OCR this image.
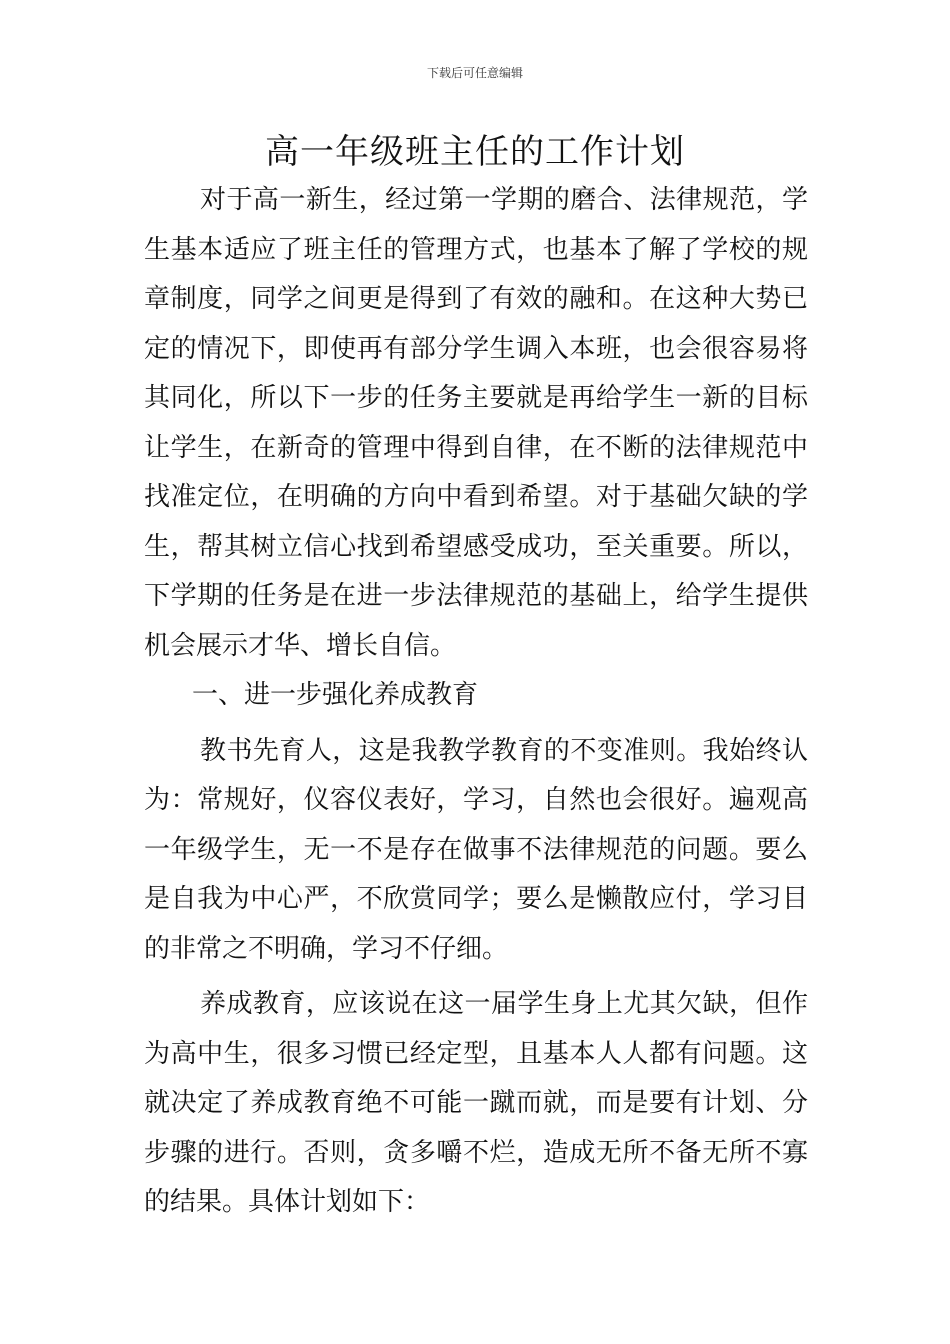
下载后可任意编辑
高一年级班主任的工作计划

对于高一新生，经过第一学期的磨合、法律规范，学生基本适应了班主任的管理方式，也基本了解了学校的规章制度，同学之间更是得到了有效的融和。在这种大势已定的情况下，即使再有部分学生调入本班，也会很容易将其同化，所以下一步的任务主要就是再给学生一新的目标让学生，在新奇的管理中得到自律，在不断的法律规范中找准定位，在明确的方向中看到希望。对于基础欠缺的学生，帮其树立信心找到希望感受成功，至关重要。所以，下学期的任务是在进一步法律规范的基础上，给学生提供机会展示才华、增长自信。

一、进一步强化养成教育

教书先育人，这是我教学教育的不变准则。我始终认为：常规好，仪容仪表好，学习，自然也会很好。遍观高一年级学生，无一不是存在做事不法律规范的问题。要么是自我为中心严，不欣赏同学；要么是懒散应付，学习目的非常之不明确，学习不仔细。

养成教育，应该说在这一届学生身上尤其欠缺，但作为高中生，很多习惯已经定型，且基本人人都有问题。这就决定了养成教育绝不可能一蹴而就，而是要有计划、分步骤的进行。否则，贪多嚼不烂，造成无所不备无所不寡的结果。具体计划如下：
